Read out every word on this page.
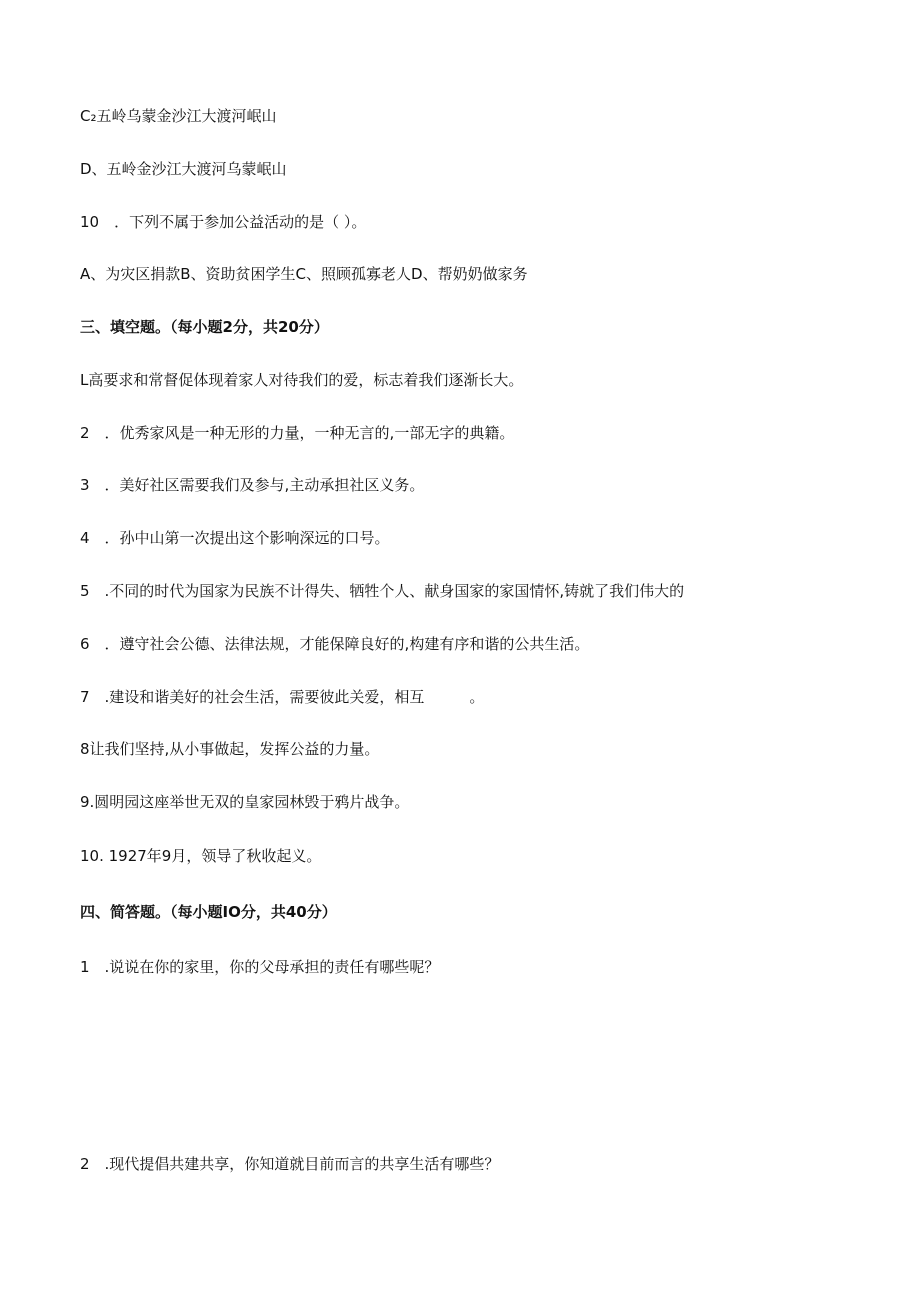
C₂五岭乌蒙金沙江大渡河岷山
D、五岭金沙江大渡河乌蒙岷山
10　．下列不属于参加公益活动的是（ ）。
A、为灾区捐款B、资助贫困学生C、照顾孤寡老人D、帮奶奶做家务
三、填空题。（每小题2分，共20分）
L高要求和常督促体现着家人对待我们的爱，标志着我们逐渐长大。
2　．优秀家风是一种无形的力量，一种无言的,一部无字的典籍。
3　．美好社区需要我们及参与,主动承担社区义务。
4　．孙中山第一次提出这个影响深远的口号。
5　.不同的时代为国家为民族不计得失、牺牲个人、献身国家的家国情怀,铸就了我们伟大的
6　．遵守社会公德、法律法规，才能保障良好的,构建有序和谐的公共生活。
7　.建设和谐美好的社会生活，需要彼此关爱，相互　　　。
8让我们坚持,从小事做起，发挥公益的力量。
9.圆明园这座举世无双的皇家园林毁于鸦片战争。
10. 1927年9月，领导了秋收起义。
四、简答题。（每小题IO分，共40分）
1　.说说在你的家里，你的父母承担的责任有哪些呢？
2　.现代提倡共建共享，你知道就目前而言的共享生活有哪些？
